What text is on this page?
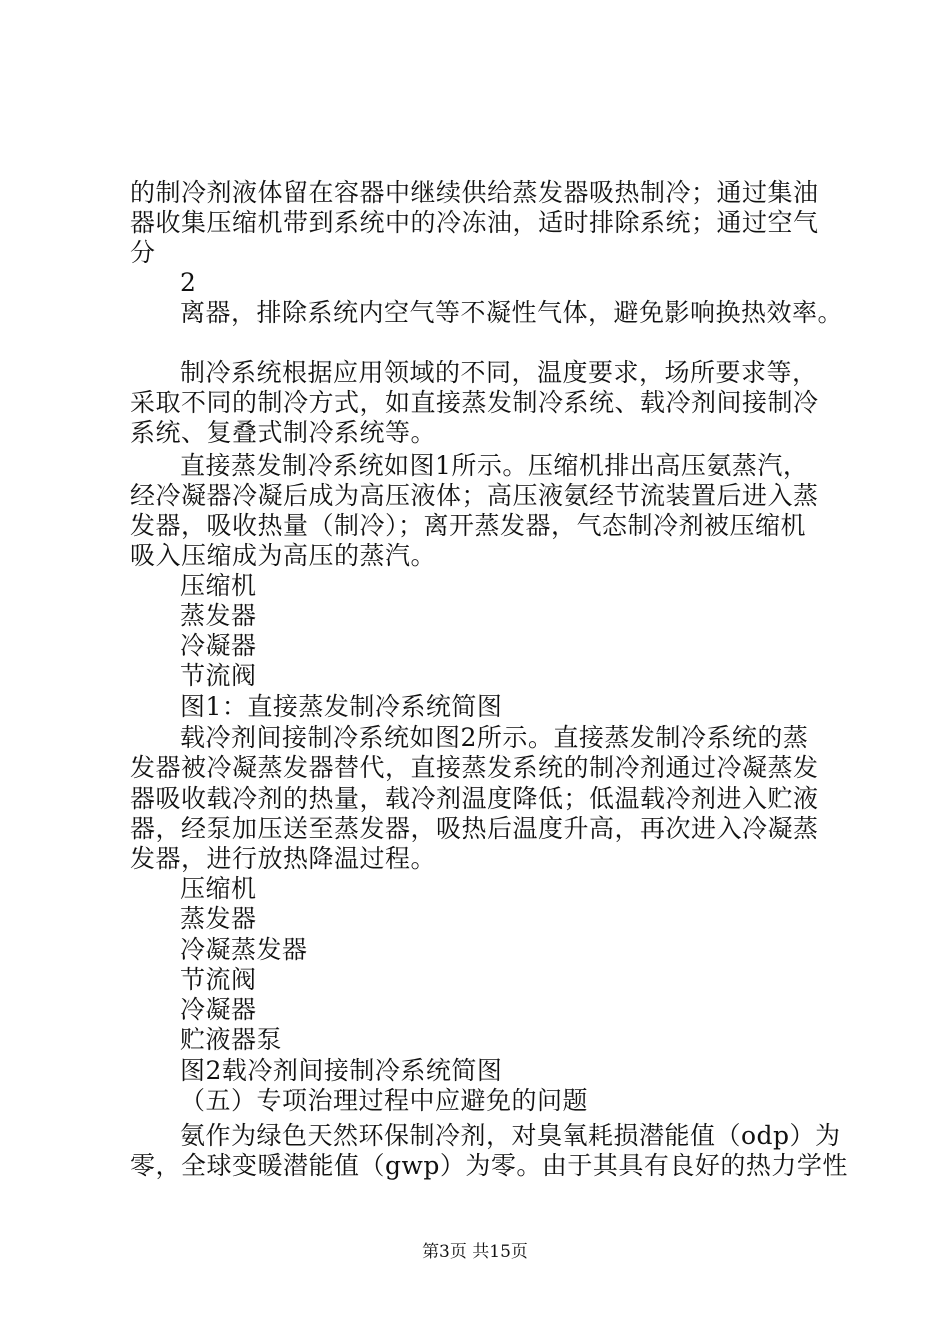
的制冷剂液体留在容器中继续供给蒸发器吸热制冷；通过集油
器收集压缩机带到系统中的冷冻油，适时排除系统；通过空气
分
2
离器，排除系统内空气等不凝性气体，避免影响换热效率。
制冷系统根据应用领域的不同，温度要求，场所要求等，
采取不同的制冷方式，如直接蒸发制冷系统、载冷剂间接制冷
系统、复叠式制冷系统等。
直接蒸发制冷系统如图1所示。压缩机排出高压氨蒸汽，
经冷凝器冷凝后成为高压液体；高压液氨经节流装置后进入蒸
发器，吸收热量（制冷）；离开蒸发器，气态制冷剂被压缩机
吸入压缩成为高压的蒸汽。
压缩机
蒸发器
冷凝器
节流阀
图1：直接蒸发制冷系统简图
载冷剂间接制冷系统如图2所示。直接蒸发制冷系统的蒸
发器被冷凝蒸发器替代，直接蒸发系统的制冷剂通过冷凝蒸发
器吸收载冷剂的热量，载冷剂温度降低；低温载冷剂进入贮液
器，经泵加压送至蒸发器，吸热后温度升高，再次进入冷凝蒸
发器，进行放热降温过程。
压缩机
蒸发器
冷凝蒸发器
节流阀
冷凝器
贮液器泵
图2载冷剂间接制冷系统简图
（五）专项治理过程中应避免的问题
氨作为绿色天然环保制冷剂，对臭氧耗损潜能值（odp）为
零，全球变暖潜能值（gwp）为零。由于其具有良好的热力学性
第3页 共15页
